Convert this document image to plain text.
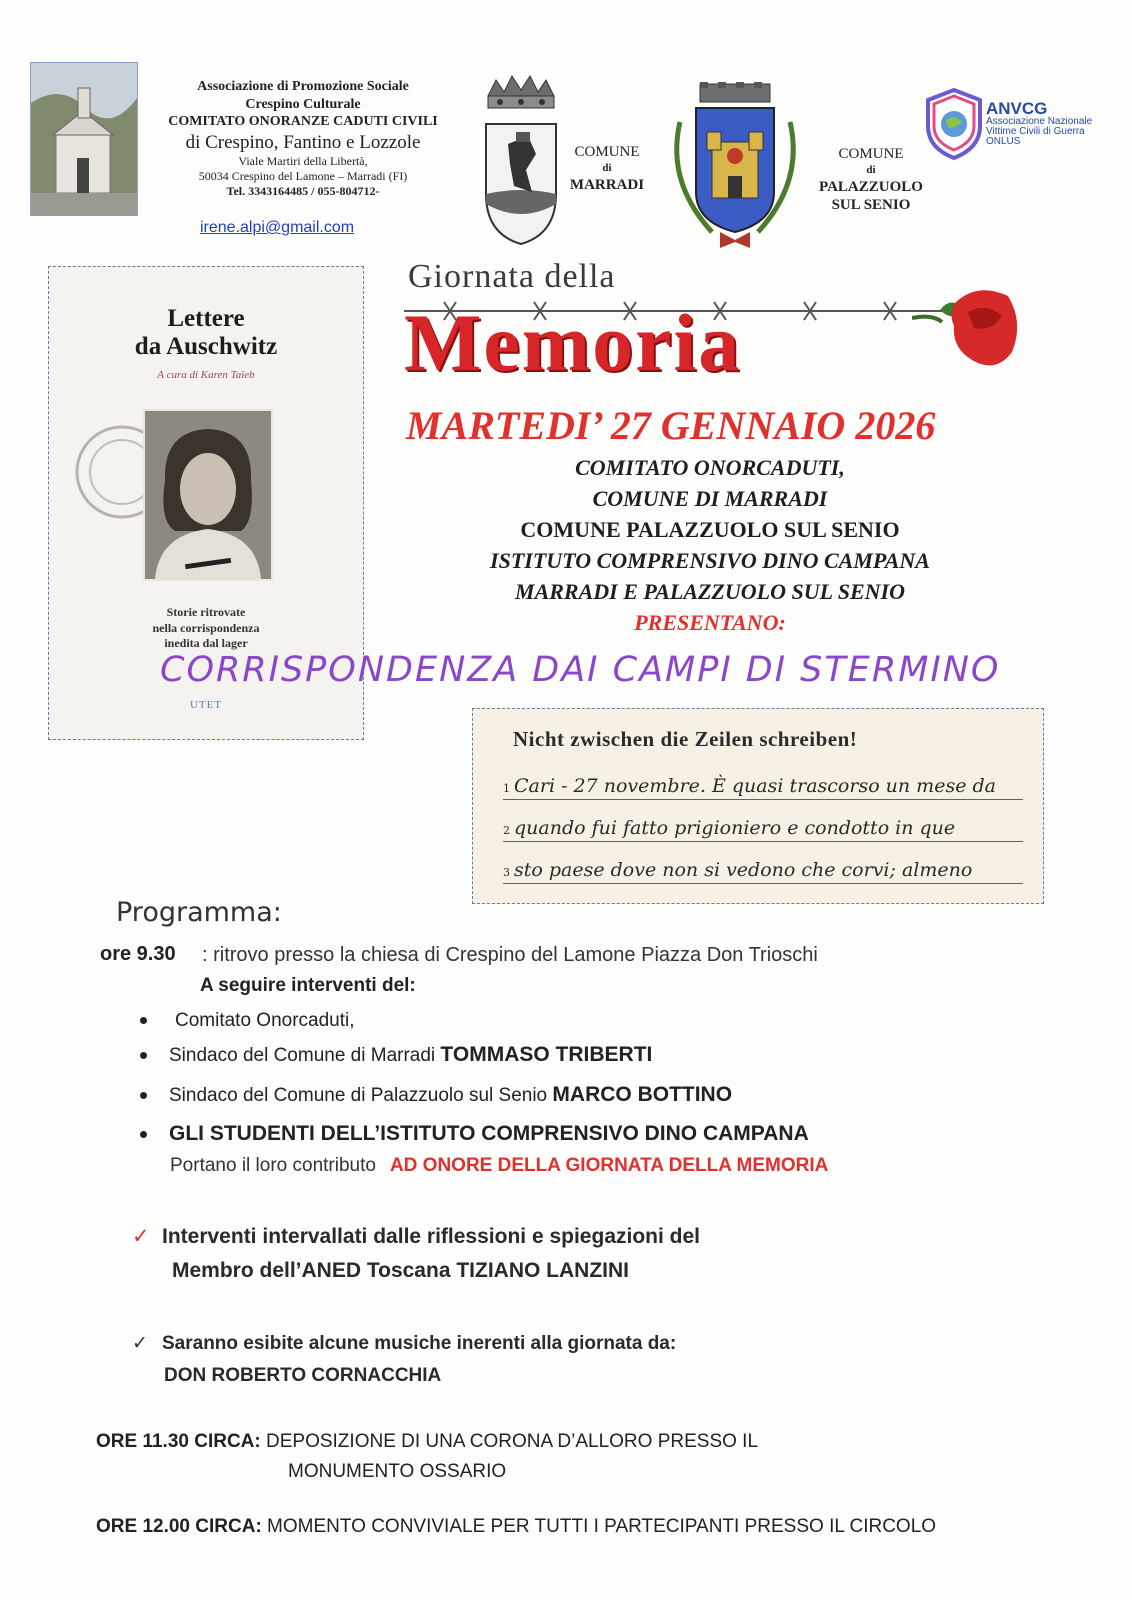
Associazione di Promozione Sociale
Crespino Culturale
COMITATO ONORANZE CADUTI CIVILI
di Crespino, Fantino e Lozzole
Viale Martiri della Libertà,
50034 Crespino del Lamone – Marradi (FI)
Tel. 3343164485 / 055-804712-
irene.alpi@gmail.com
COMUNE
di
MARRADI
COMUNE
di
PALAZZUOLO
SUL SENIO
ANVCG
Associazione Nazionale
Vittime Civili di Guerra
ONLUS
Lettere
da Auschwitz
A cura di Karen Taïeb
Storie ritrovate
nella corrispondenza
inedita dal lager
UTET
Giornata della
Memoria
MARTEDI’ 27 GENNAIO 2026
COMITATO ONORCADUTI,
COMUNE DI MARRADI
COMUNE PALAZZUOLO SUL SENIO
ISTITUTO COMPRENSIVO DINO CAMPANA
MARRADI E PALAZZUOLO SUL SENIO
PRESENTANO:
CORRISPONDENZA DAI CAMPI DI STERMINO
Nicht zwischen die Zeilen schreiben!
1 Cari - 27 novembre. È quasi trascorso un mese da
2 quando fui fatto prigioniero e condotto in que
3 sto paese dove non si vedono che corvi; almeno
Programma:
ore 9.30 : ritrovo presso la chiesa di Crespino del Lamone Piazza Don Trioschi
A seguire interventi del:
Comitato Onorcaduti,
Sindaco del Comune di Marradi TOMMASO TRIBERTI
Sindaco del Comune di Palazzuolo sul Senio MARCO BOTTINO
GLI STUDENTI DELL’ISTITUTO COMPRENSIVO DINO CAMPANA
Portano il loro contributo AD ONORE DELLA GIORNATA DELLA MEMORIA
✓ Interventi intervallati dalle riflessioni e spiegazioni del
Membro dell’ANED Toscana TIZIANO LANZINI
✓ Saranno esibite alcune musiche inerenti alla giornata da:
DON ROBERTO CORNACCHIA
ORE 11.30 CIRCA: DEPOSIZIONE DI UNA CORONA D’ALLORO PRESSO IL
MONUMENTO OSSARIO
ORE 12.00 CIRCA: MOMENTO CONVIVIALE PER TUTTI I PARTECIPANTI PRESSO IL CIRCOLO
